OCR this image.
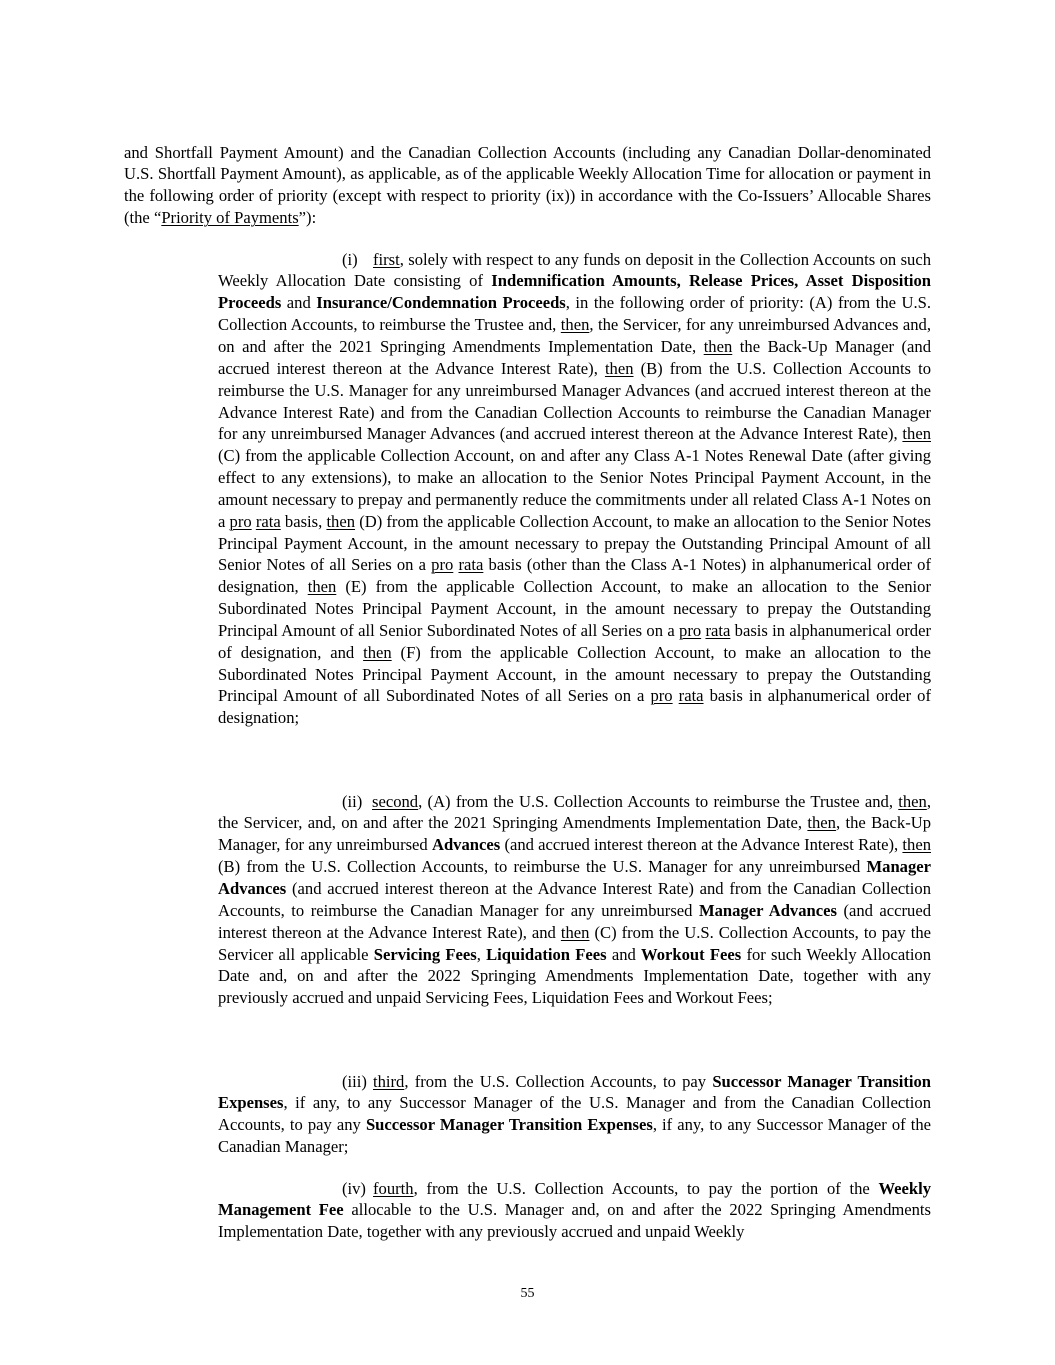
and Shortfall Payment Amount) and the Canadian Collection Accounts (including any Canadian Dollar-denominated U.S. Shortfall Payment Amount), as applicable, as of the applicable Weekly Allocation Time for allocation or payment in the following order of priority (except with respect to priority (ix)) in accordance with the Co-Issuers’ Allocable Shares (the “Priority of Payments”):

(i) first, solely with respect to any funds on deposit in the Collection Accounts on such Weekly Allocation Date consisting of Indemnification Amounts, Release Prices, Asset Disposition Proceeds and Insurance/Condemnation Proceeds, in the following order of priority: (A) from the U.S. Collection Accounts, to reimburse the Trustee and, then, the Servicer, for any unreimbursed Advances and, on and after the 2021 Springing Amendments Implementation Date, then the Back-Up Manager (and accrued interest thereon at the Advance Interest Rate), then (B) from the U.S. Collection Accounts to reimburse the U.S. Manager for any unreimbursed Manager Advances (and accrued interest thereon at the Advance Interest Rate) and from the Canadian Collection Accounts to reimburse the Canadian Manager for any unreimbursed Manager Advances (and accrued interest thereon at the Advance Interest Rate), then (C) from the applicable Collection Account, on and after any Class A-1 Notes Renewal Date (after giving effect to any extensions), to make an allocation to the Senior Notes Principal Payment Account, in the amount necessary to prepay and permanently reduce the commitments under all related Class A-1 Notes on a pro rata basis, then (D) from the applicable Collection Account, to make an allocation to the Senior Notes Principal Payment Account, in the amount necessary to prepay the Outstanding Principal Amount of all Senior Notes of all Series on a pro rata basis (other than the Class A-1 Notes) in alphanumerical order of designation, then (E) from the applicable Collection Account, to make an allocation to the Senior Subordinated Notes Principal Payment Account, in the amount necessary to prepay the Outstanding Principal Amount of all Senior Subordinated Notes of all Series on a pro rata basis in alphanumerical order of designation, and then (F) from the applicable Collection Account, to make an allocation to the Subordinated Notes Principal Payment Account, in the amount necessary to prepay the Outstanding Principal Amount of all Subordinated Notes of all Series on a pro rata basis in alphanumerical order of designation;

(ii) second, (A) from the U.S. Collection Accounts to reimburse the Trustee and, then, the Servicer, and, on and after the 2021 Springing Amendments Implementation Date, then, the Back-Up Manager, for any unreimbursed Advances (and accrued interest thereon at the Advance Interest Rate), then (B) from the U.S. Collection Accounts, to reimburse the U.S. Manager for any unreimbursed Manager Advances (and accrued interest thereon at the Advance Interest Rate) and from the Canadian Collection Accounts, to reimburse the Canadian Manager for any unreimbursed Manager Advances (and accrued interest thereon at the Advance Interest Rate), and then (C) from the U.S. Collection Accounts, to pay the Servicer all applicable Servicing Fees, Liquidation Fees and Workout Fees for such Weekly Allocation Date and, on and after the 2022 Springing Amendments Implementation Date, together with any previously accrued and unpaid Servicing Fees, Liquidation Fees and Workout Fees;

(iii) third, from the U.S. Collection Accounts, to pay Successor Manager Transition Expenses, if any, to any Successor Manager of the U.S. Manager and from the Canadian Collection Accounts, to pay any Successor Manager Transition Expenses, if any, to any Successor Manager of the Canadian Manager;

(iv) fourth, from the U.S. Collection Accounts, to pay the portion of the Weekly Management Fee allocable to the U.S. Manager and, on and after the 2022 Springing Amendments Implementation Date, together with any previously accrued and unpaid Weekly

55
